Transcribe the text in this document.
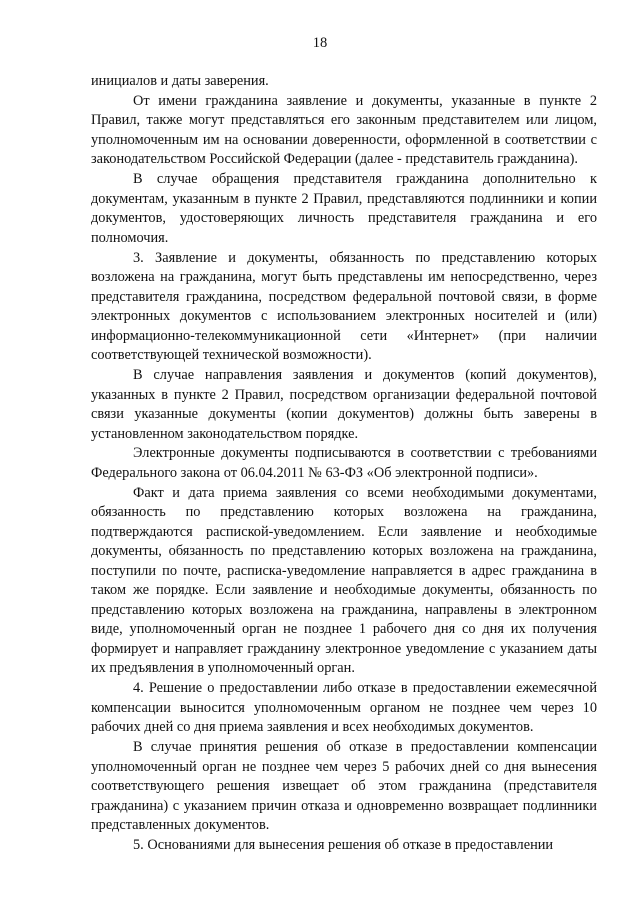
18

инициалов и даты заверения.

От имени гражданина заявление и документы, указанные в пункте 2 Правил, также могут представляться его законным представителем или лицом, уполномоченным им на основании доверенности, оформленной в соответствии с законодательством Российской Федерации (далее - представитель гражданина).

В случае обращения представителя гражданина дополнительно к документам, указанным в пункте 2 Правил, представляются подлинники и копии документов, удостоверяющих личность представителя гражданина и его полномочия.

3. Заявление и документы, обязанность по представлению которых возложена на гражданина, могут быть представлены им непосредственно, через представителя гражданина, посредством федеральной почтовой связи, в форме электронных документов с использованием электронных носителей и (или) информационно-телекоммуникационной сети «Интернет» (при наличии соответствующей технической возможности).

В случае направления заявления и документов (копий документов), указанных в пункте 2 Правил, посредством организации федеральной почтовой связи указанные документы (копии документов) должны быть заверены в установленном законодательством порядке.

Электронные документы подписываются в соответствии с требованиями Федерального закона от 06.04.2011 № 63-ФЗ «Об электронной подписи».

Факт и дата приема заявления со всеми необходимыми документами, обязанность по представлению которых возложена на гражданина, подтверждаются распиской-уведомлением. Если заявление и необходимые документы, обязанность по представлению которых возложена на гражданина, поступили по почте, расписка-уведомление направляется в адрес гражданина в таком же порядке. Если заявление и необходимые документы, обязанность по представлению которых возложена на гражданина, направлены в электронном виде, уполномоченный орган не позднее 1 рабочего дня со дня их получения формирует и направляет гражданину электронное уведомление с указанием даты их предъявления в уполномоченный орган.

4. Решение о предоставлении либо отказе в предоставлении ежемесячной компенсации выносится уполномоченным органом не позднее чем через 10 рабочих дней со дня приема заявления и всех необходимых документов.

В случае принятия решения об отказе в предоставлении компенсации уполномоченный орган не позднее чем через 5 рабочих дней со дня вынесения соответствующего решения извещает об этом гражданина (представителя гражданина) с указанием причин отказа и одновременно возвращает подлинники представленных документов.

5. Основаниями для вынесения решения об отказе в предоставлении
